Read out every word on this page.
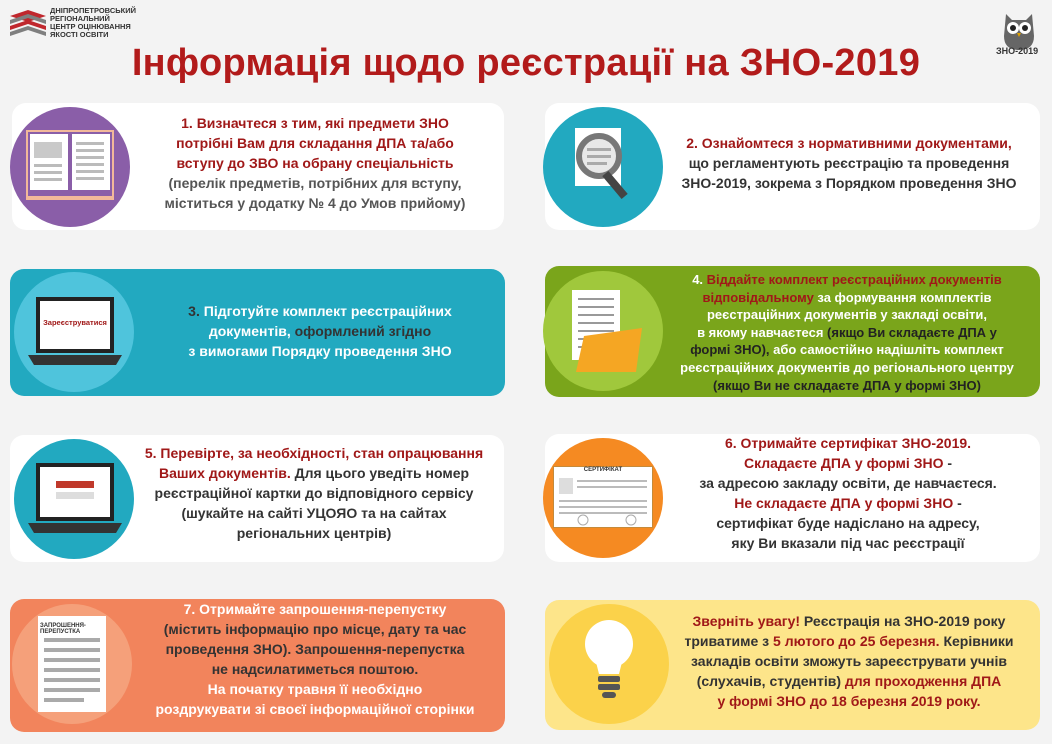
ДНІПРОПЕТРОВСЬКИЙ
РЕГІОНАЛЬНИЙ
ЦЕНТР ОЦІНЮВАННЯ
ЯКОСТІ ОСВІТИ
ЗНО-2019
Інформація щодо реєстрації на ЗНО-2019
1. Визначтеся з тим, які предмети ЗНО
потрібні Вам для складання ДПА та/або
вступу до ЗВО на обрану спеціальність
(перелік предметів, потрібних для вступу,
міститься у додатку № 4 до Умов прийому)
2. Ознайомтеся з нормативними документами,
що регламентують реєстрацію та проведення
ЗНО-2019, зокрема з Порядком проведення ЗНО
3. Підготуйте комплект реєстраційних
документів, оформлений згідно
з вимогами Порядку проведення ЗНО
Зареєструватися
4. Віддайте комплект реєстраційних документів
відповідальному за формування комплектів
реєстраційних документів у закладі освіти,
в якому навчаєтеся (якщо Ви складаєте ДПА у
формі ЗНО), або самостійно надішліть комплект
реєстраційних документів до регіонального центру
(якщо Ви не складаєте ДПА у формі ЗНО)
5. Перевірте, за необхідності, стан опрацювання
Ваших документів. Для цього уведіть номер
реєстраційної картки до відповідного сервісу
(шукайте на сайті УЦОЯО та на сайтах
регіональних центрів)
6. Отримайте сертифікат ЗНО-2019.
Складаєте ДПА у формі ЗНО -
за адресою закладу освіти, де навчаєтеся.
Не складаєте ДПА у формі ЗНО -
сертифікат буде надіслано на адресу,
яку Ви вказали під час реєстрації
СЕРТИФІКАТ
7. Отримайте запрошення-перепустку
(містить інформацію про місце, дату та час
проведення ЗНО). Запрошення-перепустка
не надсилатиметься поштою.
На початку травня її необхідно
роздрукувати зі своєї інформаційної сторінки
ЗАПРОШЕННЯ-ПЕРЕПУСТКА
Зверніть увагу! Реєстрація на ЗНО-2019 року
триватиме з 5 лютого до 25 березня. Керівники
закладів освіти зможуть зареєструвати учнів
(слухачів, студентів) для проходження ДПА
у формі ЗНО до 18 березня 2019 року.
